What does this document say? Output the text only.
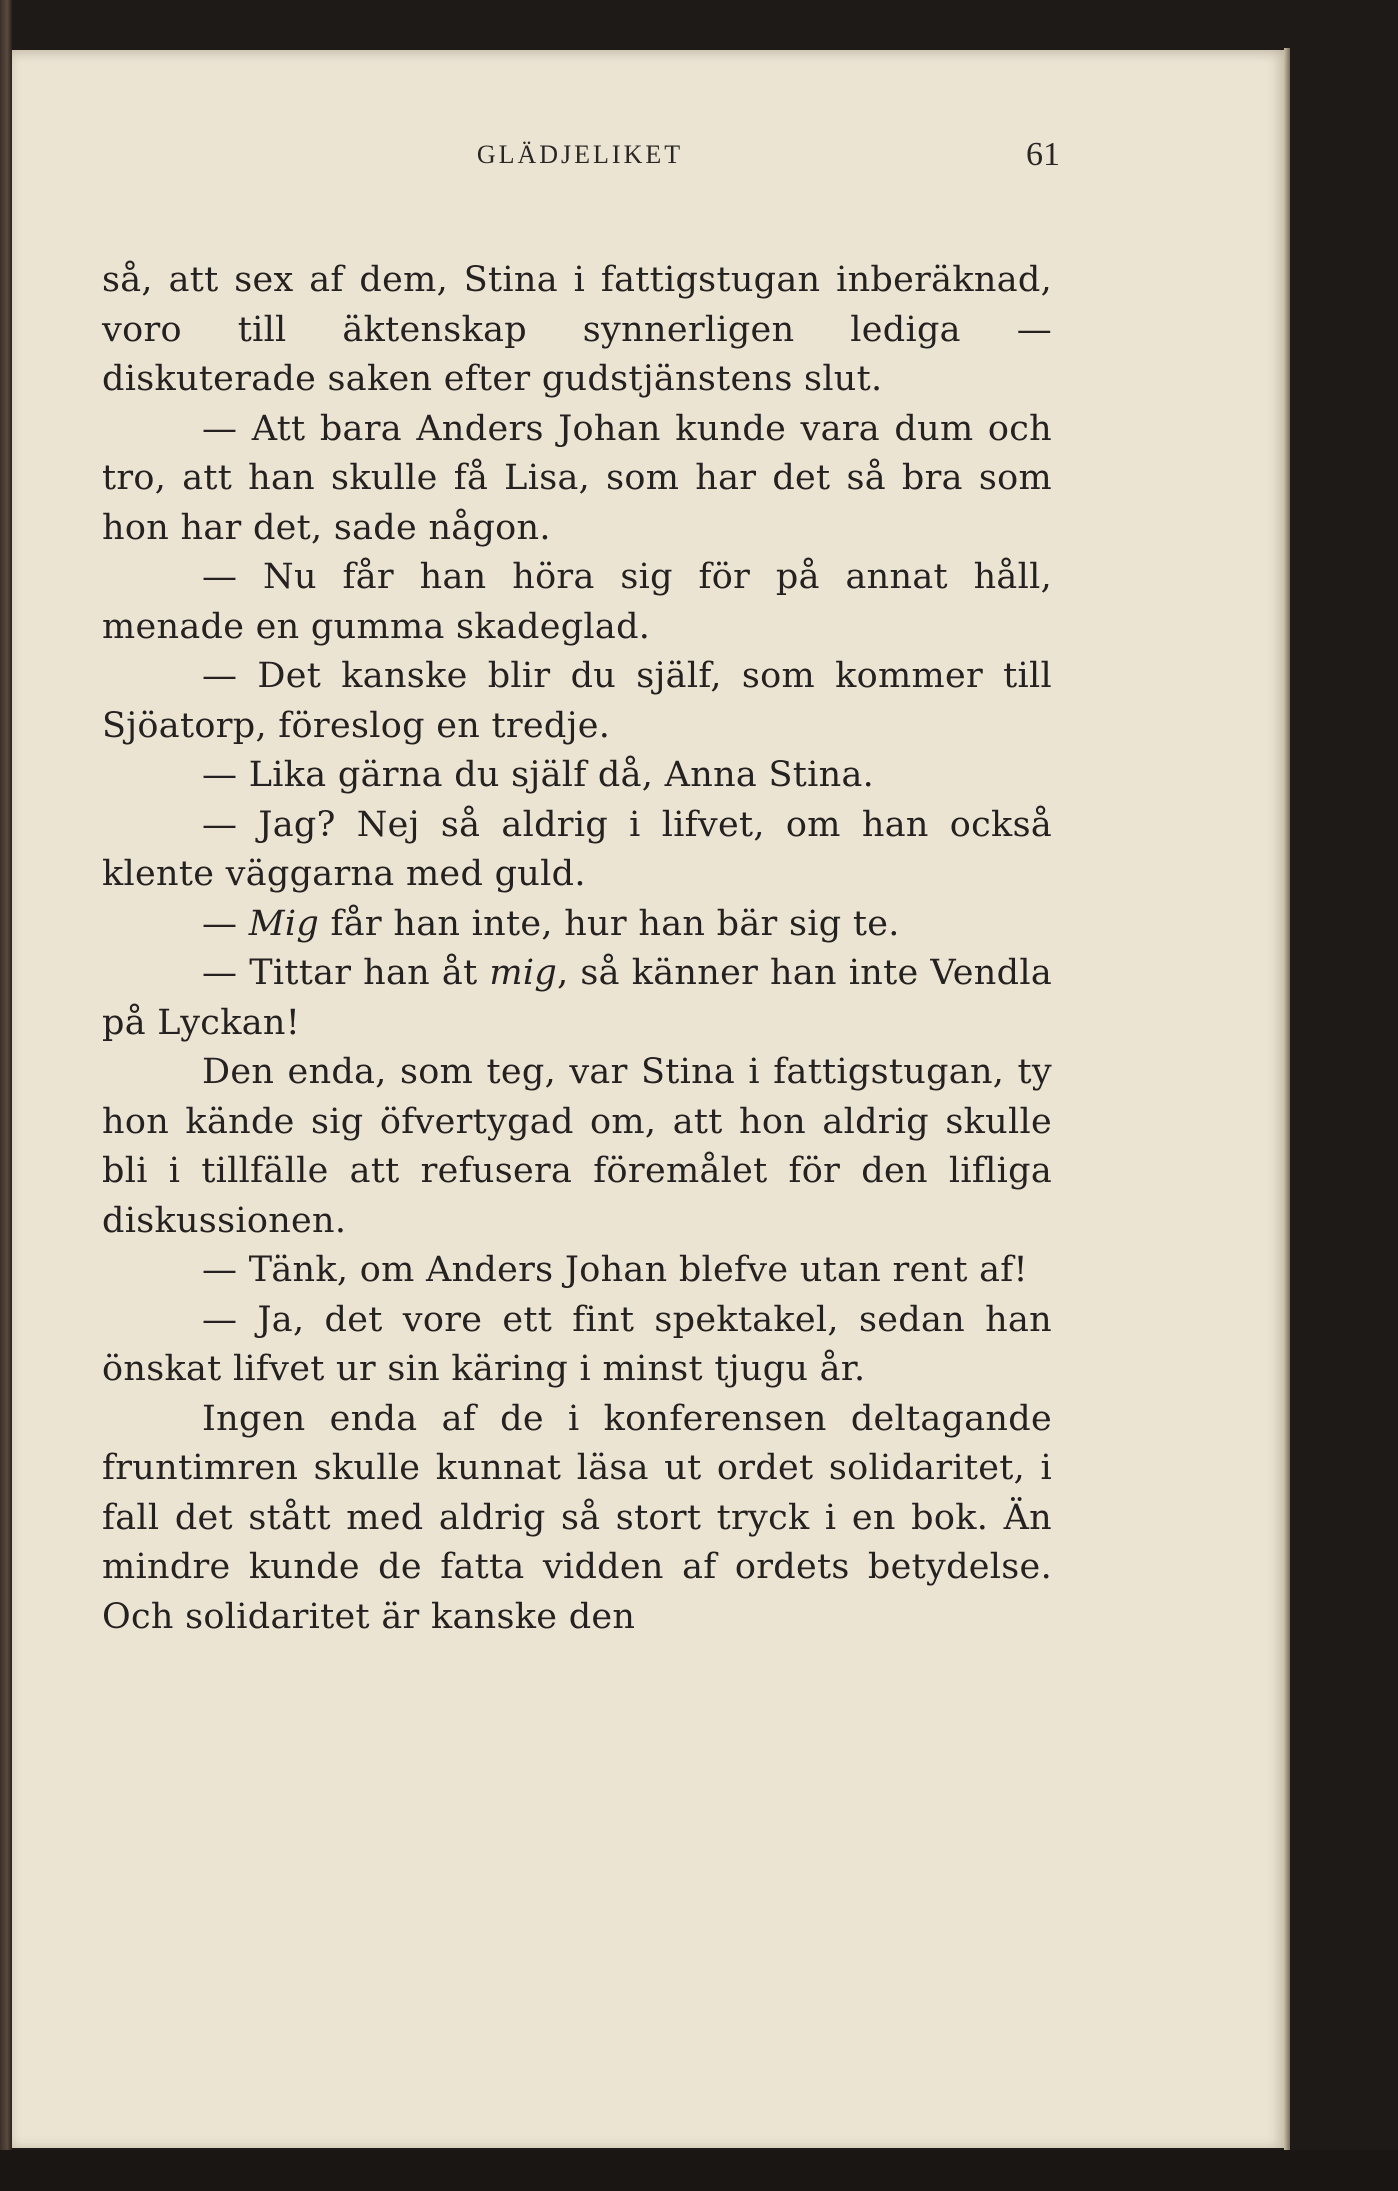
GLÄDJELIKET	61

så, att sex af dem, Stina i fattigstugan inberäknad, voro till äktenskap synnerligen lediga — diskuterade saken efter gudstjänstens slut.

— Att bara Anders Johan kunde vara dum och tro, att han skulle få Lisa, som har det så bra som hon har det, sade någon.

— Nu får han höra sig för på annat håll, menade en gumma skadeglad.

— Det kanske blir du själf, som kommer till Sjöatorp, föreslog en tredje.

— Lika gärna du själf då, Anna Stina.

— Jag? Nej så aldrig i lifvet, om han också klente väggarna med guld.

— Mig får han inte, hur han bär sig te.

— Tittar han åt mig, så känner han inte Vendla på Lyckan!

Den enda, som teg, var Stina i fattigstugan, ty hon kände sig öfvertygad om, att hon aldrig skulle bli i tillfälle att refusera föremålet för den lifliga diskussionen.

— Tänk, om Anders Johan blefve utan rent af!

— Ja, det vore ett fint spektakel, sedan han önskat lifvet ur sin käring i minst tjugu år.

Ingen enda af de i konferensen deltagande fruntimren skulle kunnat läsa ut ordet solidaritet, i fall det stått med aldrig så stort tryck i en bok. Än mindre kunde de fatta vidden af ordets betydelse. Och solidaritet är kanske den
